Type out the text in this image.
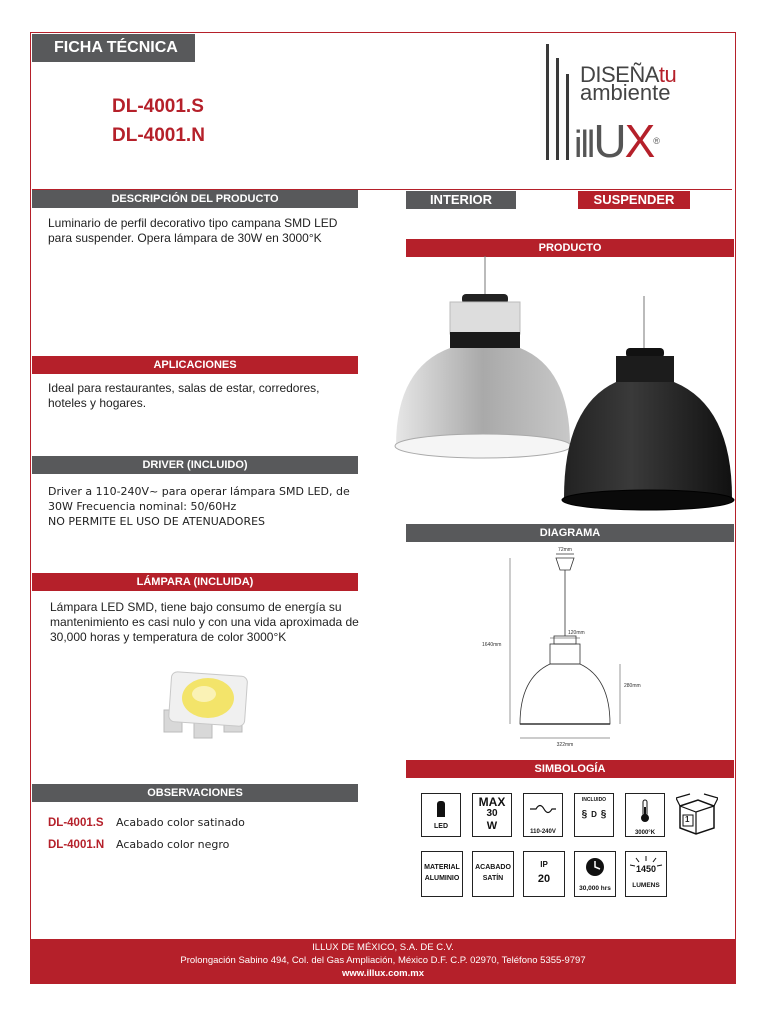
FICHA TÉCNICA
DL-4001.S
DL-4001.N
DISEÑAtu
ambiente
illUX®
DESCRIPCIÓN DEL PRODUCTO
Luminario de perfil decorativo tipo campana SMD LED para suspender. Opera lámpara de 30W en 3000°K
APLICACIONES
Ideal para restaurantes, salas de estar, corredores, hoteles y hogares.
DRIVER (INCLUIDO)
Driver a 110-240V~ para operar lámpara SMD LED, de
30W Frecuencia nominal: 50/60Hz
NO PERMITE EL USO DE ATENUADORES
LÁMPARA (INCLUIDA)
Lámpara LED SMD, tiene bajo consumo de energía su mantenimiento es casi nulo y con una vida aproximada de 30,000 horas y temperatura de color 3000°K
OBSERVACIONES
DL-4001.S Acabado color satinado
DL-4001.N Acabado color negro
INTERIOR	SUSPENDER
PRODUCTO
DIAGRAMA
72mm
1640mm
120mm
280mm
322mm
SIMBOLOGÍA
LED
MAX
30
W	110-240V
INCLUIDO
§ D §
3000°K
1
MATERIAL
ALUMINIO
ACABADO
SATÍN
IP
20
30,000 hrs
1450
LUMENS
ILLUX DE MÉXICO, S.A. DE C.V.
Prolongación Sabino 494, Col. del Gas Ampliación, México D.F. C.P. 02970, Teléfono 5355-9797
www.illux.com.mx
